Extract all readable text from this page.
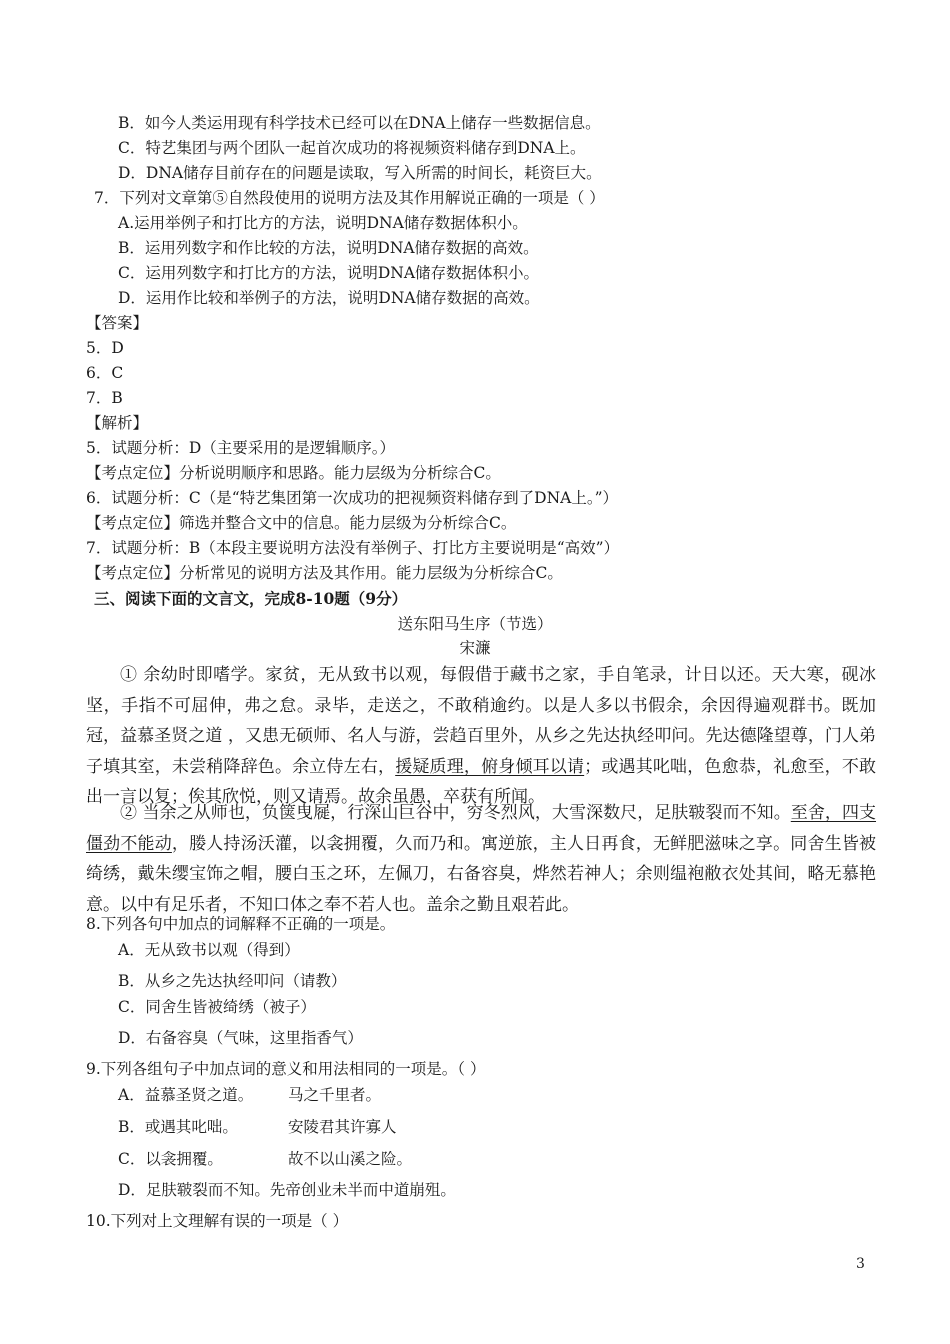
B．如今人类运用现有科学技术已经可以在DNA上储存一些数据信息。
C．特艺集团与两个团队一起首次成功的将视频资料储存到DNA上。
D．DNA储存目前存在的问题是读取，写入所需的时间长，耗资巨大。
7．下列对文章第⑤自然段使用的说明方法及其作用解说正确的一项是（ ）
A.运用举例子和打比方的方法，说明DNA储存数据体积小。
B．运用列数字和作比较的方法，说明DNA储存数据的高效。
C．运用列数字和打比方的方法，说明DNA储存数据体积小。
D．运用作比较和举例子的方法，说明DNA储存数据的高效。
【答案】
5．D
6．C
7．B
【解析】
5．试题分析：D（主要采用的是逻辑顺序。）
【考点定位】分析说明顺序和思路。能力层级为分析综合C。
6．试题分析：C（是“特艺集团第一次成功的把视频资料储存到了DNA上。”）
【考点定位】筛选并整合文中的信息。能力层级为分析综合C。
7．试题分析：B（本段主要说明方法没有举例子、打比方主要说明是“高效”）
【考点定位】分析常见的说明方法及其作用。能力层级为分析综合C。
三、阅读下面的文言文，完成8-10题（9分）
送东阳马生序（节选）
宋濂
① 余幼时即嗜学。家贫，无从致书以观，每假借于藏书之家，手自笔录，计日以还。天大寒，砚冰坚，手指不可屈伸，弗之怠。录毕，走送之，不敢稍逾约。以是人多以书假余，余因得遍观群书。既加冠，益慕圣贤之道 ，又患无硕师、名人与游，尝趋百里外，从乡之先达执经叩问。先达德隆望尊，门人弟子填其室，未尝稍降辞色。余立侍左右，援疑质理，俯身倾耳以请；或遇其叱咄，色愈恭，礼愈至，不敢出一言以复；俟其欣悦，则又请焉。故余虽愚，卒获有所闻。
② 当余之从师也，负箧曳屣，行深山巨谷中，穷冬烈风，大雪深数尺，足肤皲裂而不知。至舍，四支僵劲不能动，媵人持汤沃灌，以衾拥覆，久而乃和。寓逆旅，主人日再食，无鲜肥滋味之享。同舍生皆被绮绣，戴朱缨宝饰之帽，腰白玉之环，左佩刀，右备容臭，烨然若神人；余则缊袍敝衣处其间，略无慕艳意。以中有足乐者，不知口体之奉不若人也。盖余之勤且艰若此。
8.下列各句中加点的词解释不正确的一项是。
A．无从致书以观（得到）
B．从乡之先达执经叩问（请教）
C．同舍生皆被绮绣（被子）
D．右备容臭（气味，这里指香气）
9.下列各组句子中加点词的意义和用法相同的一项是。（ ）
A．益慕圣贤之道。 马之千里者。
B．或遇其叱咄。	安陵君其许寡人
C．以衾拥覆。	故不以山溪之险。
D．足肤皲裂而不知。先帝创业未半而中道崩殂。
10.下列对上文理解有误的一项是（ ）
3
